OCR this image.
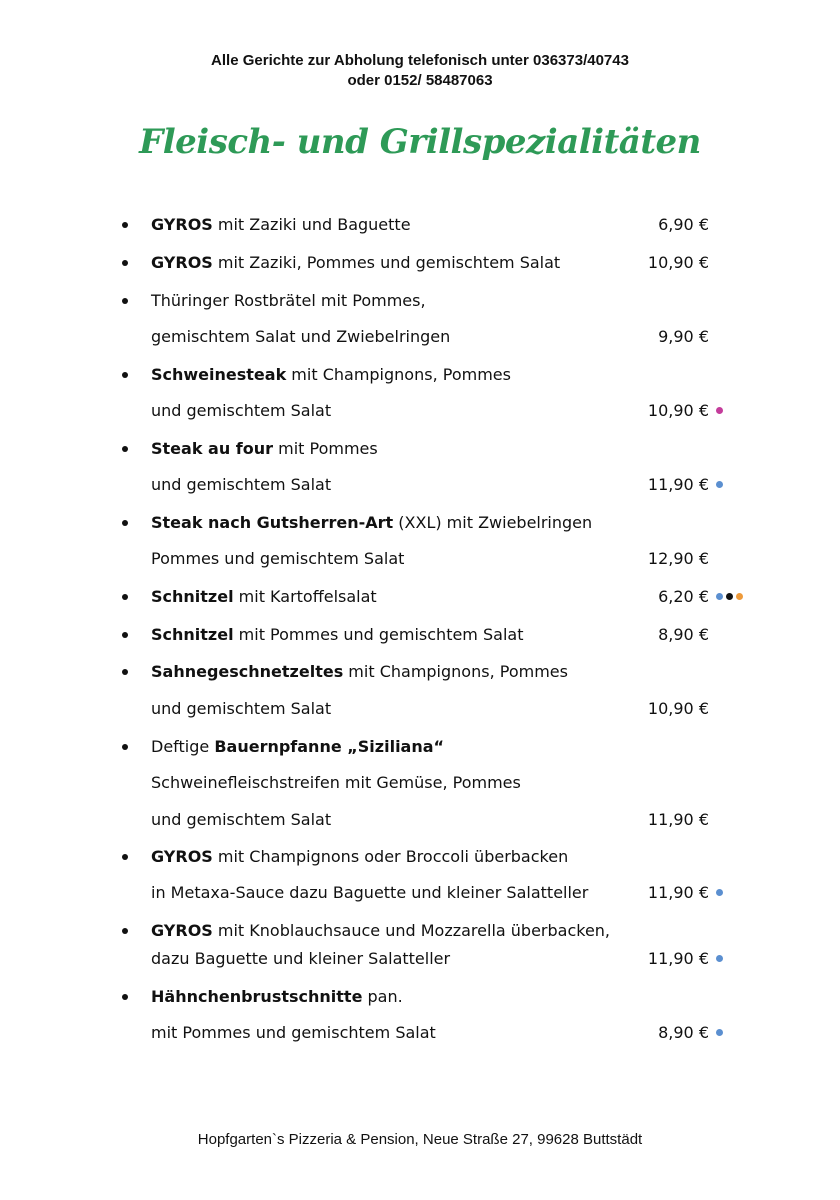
Alle Gerichte zur Abholung telefonisch unter 036373/40743
oder 0152/ 58487063
Fleisch- und Grillspezialitäten
GYROS mit Zaziki und Baguette	6,90 €
GYROS mit Zaziki, Pommes und gemischtem Salat	10,90 €
Thüringer Rostbrätel mit Pommes,
gemischtem Salat und Zwiebelringen	9,90 €
Schweinesteak mit Champignons, Pommes
und gemischtem Salat	10,90 €
Steak au four mit Pommes
und gemischtem Salat	11,90 €
Steak nach Gutsherren-Art (XXL) mit Zwiebelringen
Pommes und gemischtem Salat	12,90 €
Schnitzel mit Kartoffelsalat	6,20 €
Schnitzel mit Pommes und gemischtem Salat	8,90 €
Sahnegeschnetzeltes mit Champignons, Pommes
und gemischtem Salat	10,90 €
Deftige Bauernpfanne „Siziliana“
Schweinefleischstreifen mit Gemüse, Pommes
und gemischtem Salat	11,90 €
GYROS mit Champignons oder Broccoli überbacken
in Metaxa-Sauce dazu Baguette und kleiner Salatteller	11,90 €
GYROS mit Knoblauchsauce und Mozzarella überbacken,
dazu Baguette und kleiner Salatteller	11,90 €
Hähnchenbrustschnitte pan.
mit Pommes und gemischtem Salat	8,90 €
Hopfgarten`s Pizzeria & Pension, Neue Straße 27, 99628 Buttstädt
